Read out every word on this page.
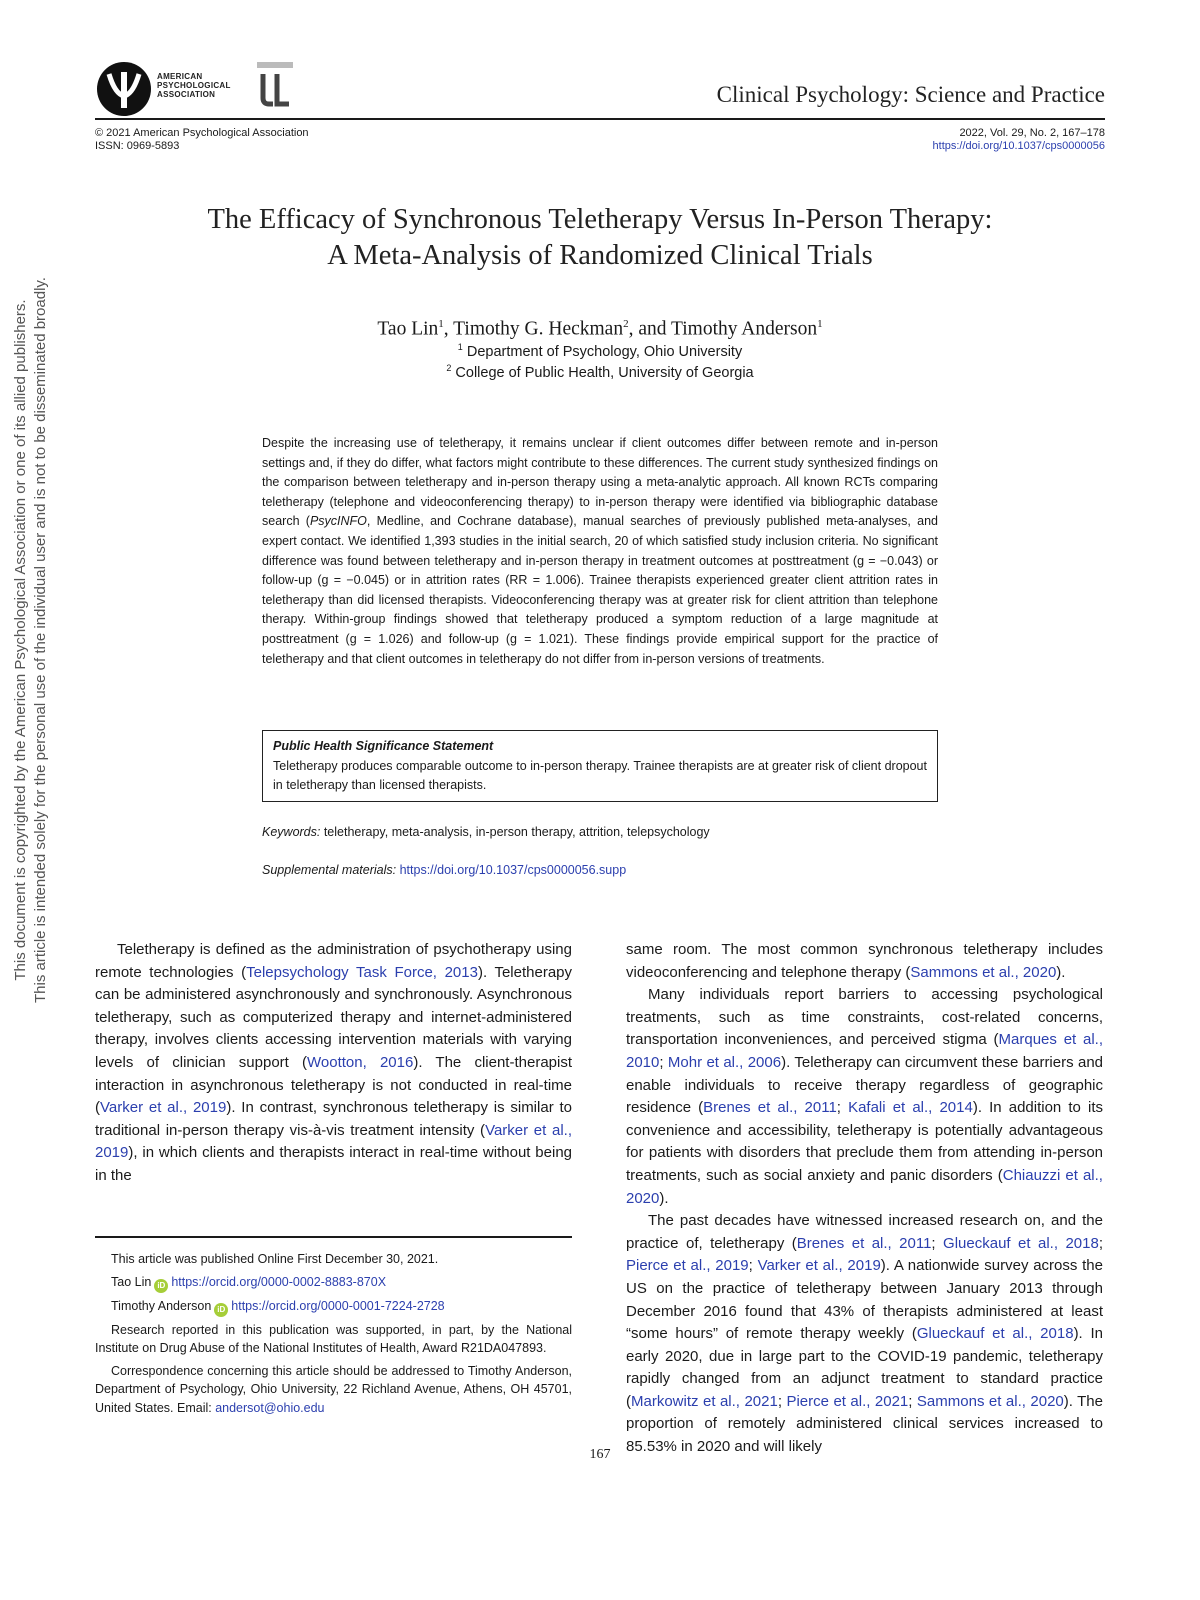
This document is copyrighted by the American Psychological Association or one of its allied publishers. This article is intended solely for the personal use of the individual user and is not to be disseminated broadly.
AMERICAN
PSYCHOLOGICAL
ASSOCIATION	Clinical Psychology: Science and Practice
© 2021 American Psychological Association
ISSN: 0969-5893
2022, Vol. 29, No. 2, 167–178
https://doi.org/10.1037/cps0000056
The Efficacy of Synchronous Teletherapy Versus In-Person Therapy:
A Meta-Analysis of Randomized Clinical Trials
Tao Lin$^1$, Timothy G. Heckman$^2$, and Timothy Anderson$^1$
$^1$ Department of Psychology, Ohio University
$^2$ College of Public Health, University of Georgia
Despite the increasing use of teletherapy, it remains unclear if client outcomes differ between remote and in-person settings and, if they do differ, what factors might contribute to these differences. The current study synthesized findings on the comparison between teletherapy and in-person therapy using a meta-analytic approach. All known RCTs comparing teletherapy (telephone and videoconferencing therapy) to in-person therapy were identified via bibliographic database search (PsycINFO, Medline, and Cochrane database), manual searches of previously published meta-analyses, and expert contact. We identified 1,393 studies in the initial search, 20 of which satisfied study inclusion criteria. No significant difference was found between teletherapy and in-person therapy in treatment outcomes at posttreatment (g = −0.043) or follow-up (g = −0.045) or in attrition rates (RR = 1.006). Trainee therapists experienced greater client attrition rates in teletherapy than did licensed therapists. Videoconferencing therapy was at greater risk for client attrition than telephone therapy. Within-group findings showed that teletherapy produced a symptom reduction of a large magnitude at posttreatment (g = 1.026) and follow-up (g = 1.021). These findings provide empirical support for the practice of teletherapy and that client outcomes in teletherapy do not differ from in-person versions of treatments.
Public Health Significance Statement
Teletherapy produces comparable outcome to in-person therapy. Trainee therapists are at greater risk of client dropout in teletherapy than licensed therapists.
Keywords: teletherapy, meta-analysis, in-person therapy, attrition, telepsychology
Supplemental materials: https://doi.org/10.1037/cps0000056.supp

Teletherapy is defined as the administration of psychotherapy using remote technologies (Telepsychology Task Force, 2013). Teletherapy can be administered asynchronously and synchronously. Asynchronous teletherapy, such as computerized therapy and internet-administered therapy, involves clients accessing intervention materials with varying levels of clinician support (Wootton, 2016). The client-therapist interaction in asynchronous teletherapy is not conducted in real-time (Varker et al., 2019). In contrast, synchronous teletherapy is similar to traditional in-person therapy vis-à-vis treatment intensity (Varker et al., 2019), in which clients and therapists interact in real-time without being in the

same room. The most common synchronous teletherapy includes videoconferencing and telephone therapy (Sammons et al., 2020).

Many individuals report barriers to accessing psychological treatments, such as time constraints, cost-related concerns, transportation inconveniences, and perceived stigma (Marques et al., 2010; Mohr et al., 2006). Teletherapy can circumvent these barriers and enable individuals to receive therapy regardless of geographic residence (Brenes et al., 2011; Kafali et al., 2014). In addition to its convenience and accessibility, teletherapy is potentially advantageous for patients with disorders that preclude them from attending in-person treatments, such as social anxiety and panic disorders (Chiauzzi et al., 2020).

The past decades have witnessed increased research on, and the practice of, teletherapy (Brenes et al., 2011; Glueckauf et al., 2018; Pierce et al., 2019; Varker et al., 2019). A nationwide survey across the US on the practice of teletherapy between January 2013 through December 2016 found that 43% of therapists administered at least “some hours” of remote therapy weekly (Glueckauf et al., 2018). In early 2020, due in large part to the COVID-19 pandemic, teletherapy rapidly changed from an adjunct treatment to standard practice (Markowitz et al., 2021; Pierce et al., 2021; Sammons et al., 2020). The proportion of remotely administered clinical services increased to 85.53% in 2020 and will likely

This article was published Online First December 30, 2021.
Tao Lin iD https://orcid.org/0000-0002-8883-870X
Timothy Anderson iD https://orcid.org/0000-0001-7224-2728
Research reported in this publication was supported, in part, by the National Institute on Drug Abuse of the National Institutes of Health, Award R21DA047893.
Correspondence concerning this article should be addressed to Timothy Anderson, Department of Psychology, Ohio University, 22 Richland Avenue, Athens, OH 45701, United States. Email: andersot@ohio.edu
167
